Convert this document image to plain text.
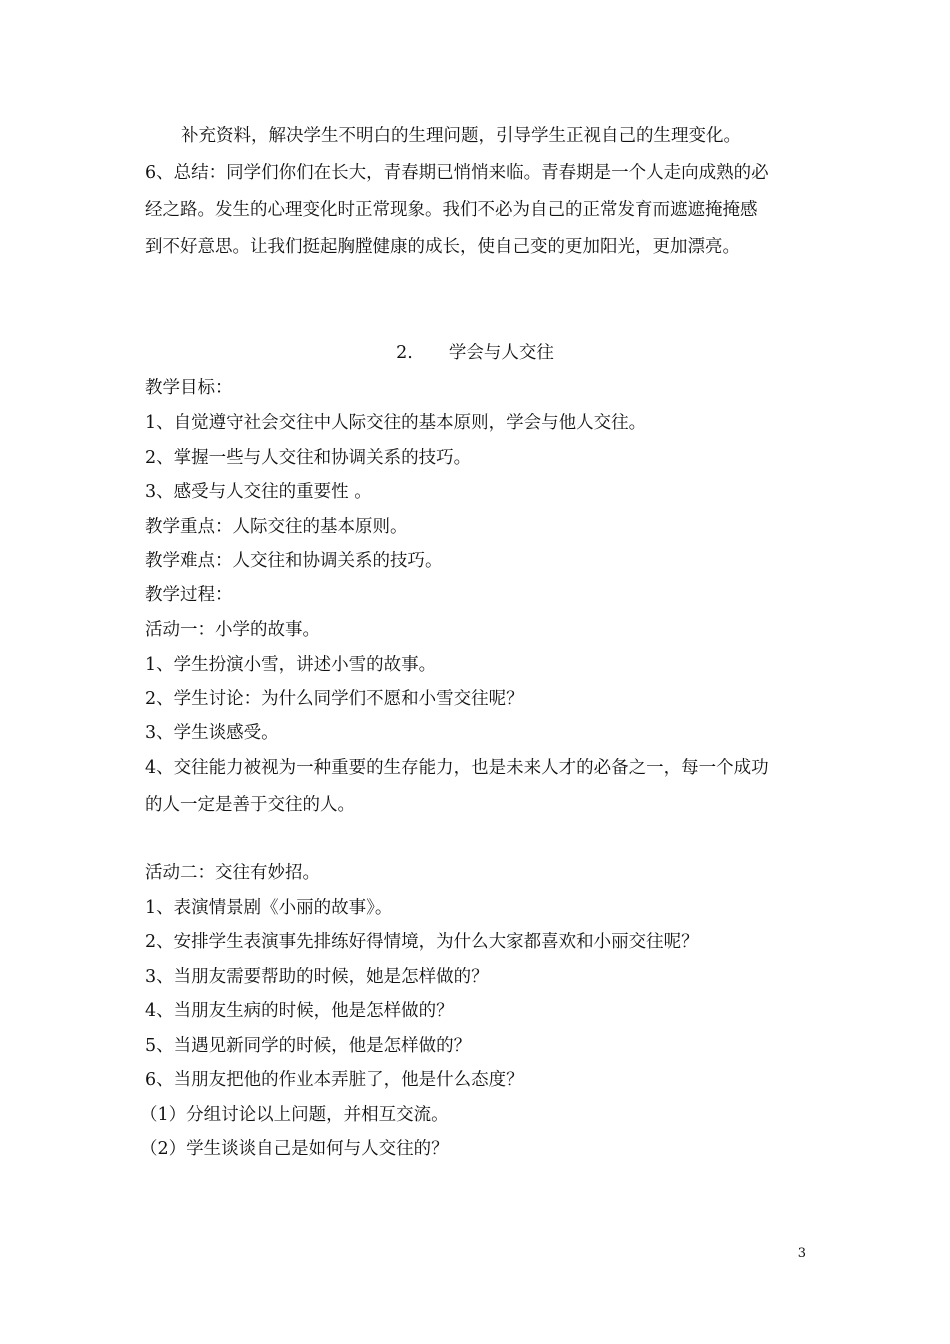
补充资料，解决学生不明白的生理问题，引导学生正视自己的生理变化。
6、总结：同学们你们在长大，青春期已悄悄来临。青春期是一个人走向成熟的必
经之路。发生的心理变化时正常现象。我们不必为自己的正常发育而遮遮掩掩感
到不好意思。让我们挺起胸膛健康的成长，使自己变的更加阳光，更加漂亮。
2. 学会与人交往
教学目标：
1、自觉遵守社会交往中人际交往的基本原则，学会与他人交往。
2、掌握一些与人交往和协调关系的技巧。
3、感受与人交往的重要性 。
教学重点：人际交往的基本原则。
教学难点：人交往和协调关系的技巧。
教学过程：
活动一：小学的故事。
1、学生扮演小雪，讲述小雪的故事。
2、学生讨论：为什么同学们不愿和小雪交往呢？
3、学生谈感受。
4、交往能力被视为一种重要的生存能力，也是未来人才的必备之一，每一个成功
的人一定是善于交往的人。
活动二：交往有妙招。
1、表演情景剧《小丽的故事》。
2、安排学生表演事先排练好得情境，为什么大家都喜欢和小丽交往呢？
3、当朋友需要帮助的时候，她是怎样做的？
4、当朋友生病的时候，他是怎样做的？
5、当遇见新同学的时候，他是怎样做的？
6、当朋友把他的作业本弄脏了，他是什么态度？
（1）分组讨论以上问题，并相互交流。
（2）学生谈谈自己是如何与人交往的？
3
